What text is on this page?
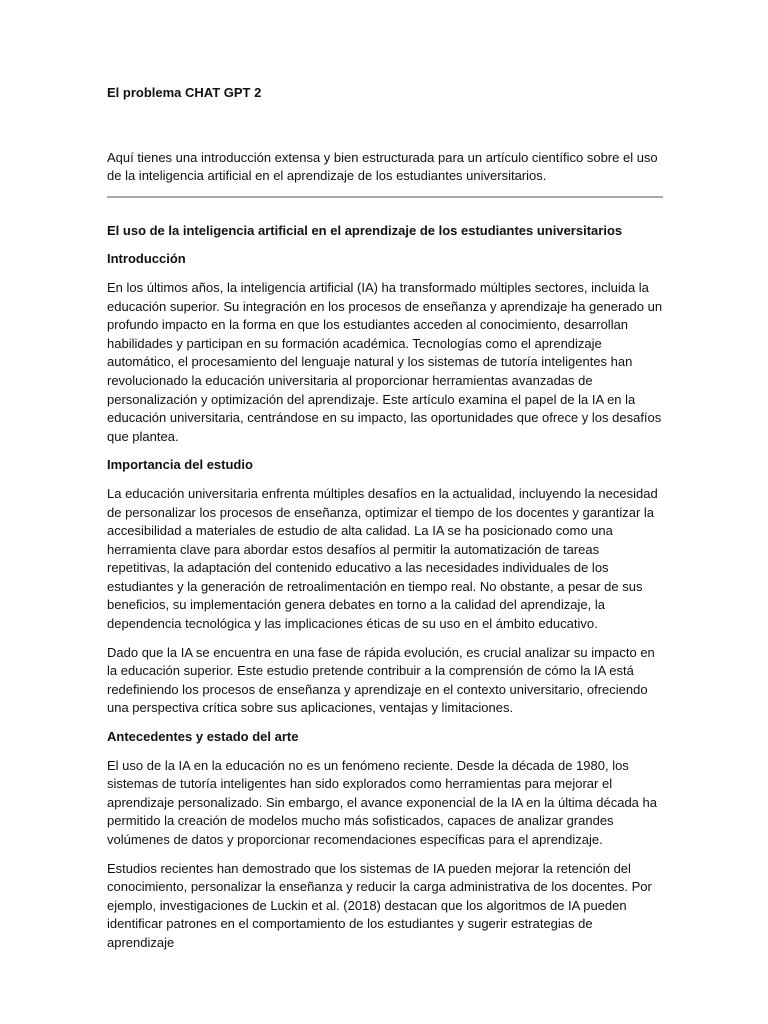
El problema CHAT GPT 2

Aquí tienes una introducción extensa y bien estructurada para un artículo científico sobre el uso de la inteligencia artificial en el aprendizaje de los estudiantes universitarios.

El uso de la inteligencia artificial en el aprendizaje de los estudiantes universitarios

Introducción

En los últimos años, la inteligencia artificial (IA) ha transformado múltiples sectores, incluida la educación superior. Su integración en los procesos de enseñanza y aprendizaje ha generado un profundo impacto en la forma en que los estudiantes acceden al conocimiento, desarrollan habilidades y participan en su formación académica. Tecnologías como el aprendizaje automático, el procesamiento del lenguaje natural y los sistemas de tutoría inteligentes han revolucionado la educación universitaria al proporcionar herramientas avanzadas de personalización y optimización del aprendizaje. Este artículo examina el papel de la IA en la educación universitaria, centrándose en su impacto, las oportunidades que ofrece y los desafíos que plantea.

Importancia del estudio

La educación universitaria enfrenta múltiples desafíos en la actualidad, incluyendo la necesidad de personalizar los procesos de enseñanza, optimizar el tiempo de los docentes y garantizar la accesibilidad a materiales de estudio de alta calidad. La IA se ha posicionado como una herramienta clave para abordar estos desafíos al permitir la automatización de tareas repetitivas, la adaptación del contenido educativo a las necesidades individuales de los estudiantes y la generación de retroalimentación en tiempo real. No obstante, a pesar de sus beneficios, su implementación genera debates en torno a la calidad del aprendizaje, la dependencia tecnológica y las implicaciones éticas de su uso en el ámbito educativo.

Dado que la IA se encuentra en una fase de rápida evolución, es crucial analizar su impacto en la educación superior. Este estudio pretende contribuir a la comprensión de cómo la IA está redefiniendo los procesos de enseñanza y aprendizaje en el contexto universitario, ofreciendo una perspectiva crítica sobre sus aplicaciones, ventajas y limitaciones.

Antecedentes y estado del arte

El uso de la IA en la educación no es un fenómeno reciente. Desde la década de 1980, los sistemas de tutoría inteligentes han sido explorados como herramientas para mejorar el aprendizaje personalizado. Sin embargo, el avance exponencial de la IA en la última década ha permitido la creación de modelos mucho más sofisticados, capaces de analizar grandes volúmenes de datos y proporcionar recomendaciones específicas para el aprendizaje.

Estudios recientes han demostrado que los sistemas de IA pueden mejorar la retención del conocimiento, personalizar la enseñanza y reducir la carga administrativa de los docentes. Por ejemplo, investigaciones de Luckin et al. (2018) destacan que los algoritmos de IA pueden identificar patrones en el comportamiento de los estudiantes y sugerir estrategias de aprendizaje
